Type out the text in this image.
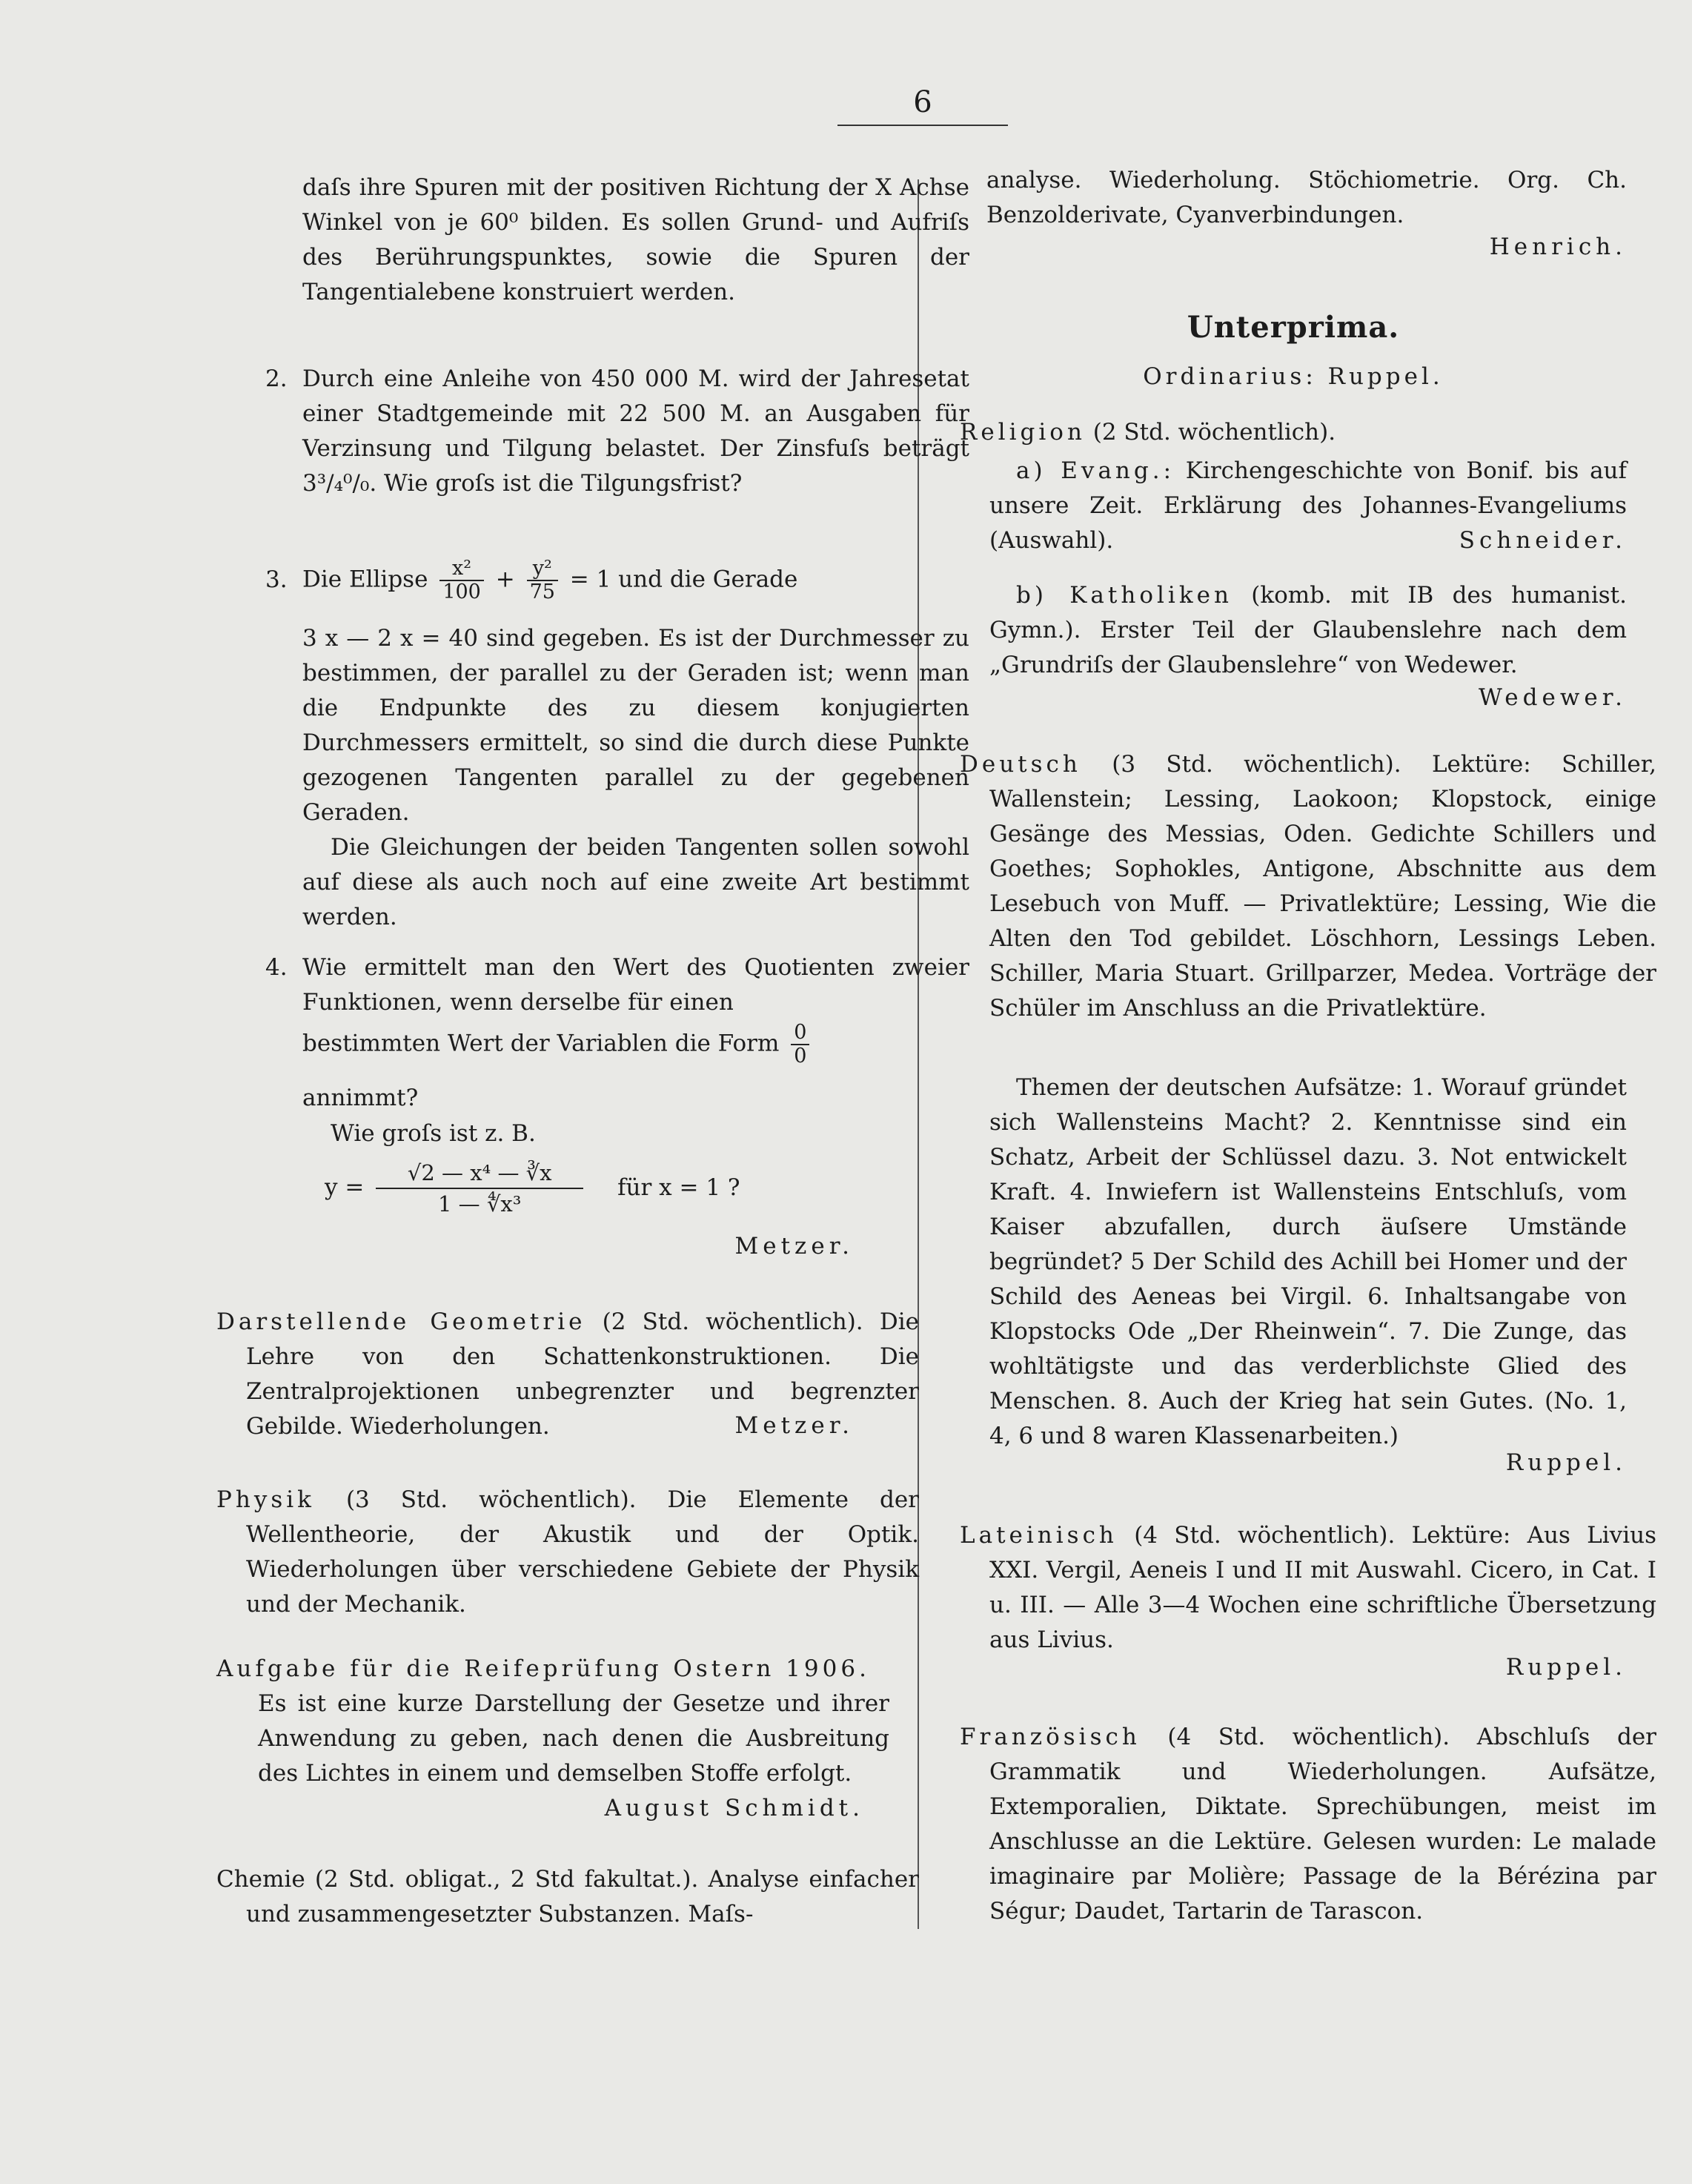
6

daſs ihre Spuren mit der positiven Richtung der X Achse Winkel von je 60⁰ bilden. Es sollen Grund- und Aufriſs des Berührungspunktes, sowie die Spuren der Tangentialebene konstruiert werden.

2. Durch eine Anleihe von 450 000 M. wird der Jahresetat einer Stadtgemeinde mit 22 500 M. an Ausgaben für Verzinsung und Tilgung belastet. Der Zinsfuſs beträgt 3³/₄⁰/₀. Wie groſs ist die Tilgungsfrist?

3. Die Ellipse $\frac{\text{x²}}{100} + \frac{\text{y²}}{75} = 1$ und die Gerade

3 x — 2 x = 40 sind gegeben. Es ist der Durchmesser zu bestimmen, der parallel zu der Geraden ist; wenn man die Endpunkte des zu diesem konjugierten Durchmessers ermittelt, so sind die durch diese Punkte gezogenen Tangenten parallel zu der gegebenen Geraden.

Die Gleichungen der beiden Tangenten sollen sowohl auf diese als auch noch auf eine zweite Art bestimmt werden.

4. Wie ermittelt man den Wert des Quotienten zweier Funktionen, wenn derselbe für einen

bestimmten Wert der Variablen die Form $\frac{0}{0}$

annimmt?

Wie groſs ist z. B.

$y = \frac{\text{√2 — x⁴ — ∛x}}{\text{1 — ∜x³}}$ für x = 1 ?

Metzer.

Darstellende Geometrie (2 Std. wöchentlich). Die Lehre von den Schattenkonstruktionen. Die Zentralprojektionen unbegrenzter und begrenzter Gebilde. Wiederholungen.	Metzer.

Physik (3 Std. wöchentlich). Die Elemente der Wellentheorie, der Akustik und der Optik. Wiederholungen über verschiedene Gebiete der Physik und der Mechanik.

Aufgabe für die Reifeprüfung Ostern 1906.

Es ist eine kurze Darstellung der Gesetze und ihrer Anwendung zu geben, nach denen die Ausbreitung des Lichtes in einem und demselben Stoffe erfolgt.

August Schmidt.

Chemie (2 Std. obligat., 2 Std fakultat.). Analyse einfacher und zusammengesetzter Substanzen. Maſs-

analyse. Wiederholung. Stöchiometrie. Org. Ch. Benzolderivate, Cyanverbindungen.

Henrich.

Unterprima.

Ordinarius: Ruppel.

Religion (2 Std. wöchentlich).

a) Evang.: Kirchengeschichte von Bonif. bis auf unsere Zeit. Erklärung des Johannes-Evangeliums (Auswahl).	Schneider.

b) Katholiken (komb. mit IB des humanist. Gymn.). Erster Teil der Glaubenslehre nach dem „Grundriſs der Glaubenslehre“ von Wedewer.

Wedewer.

Deutsch (3 Std. wöchentlich). Lektüre: Schiller, Wallenstein; Lessing, Laokoon; Klopstock, einige Gesänge des Messias, Oden. Gedichte Schillers und Goethes; Sophokles, Antigone, Abschnitte aus dem Lesebuch von Muff. — Privatlektüre; Lessing, Wie die Alten den Tod gebildet. Löschhorn, Lessings Leben. Schiller, Maria Stuart. Grillparzer, Medea. Vorträge der Schüler im Anschluss an die Privatlektüre.

Themen der deutschen Aufsätze: 1. Worauf gründet sich Wallensteins Macht? 2. Kenntnisse sind ein Schatz, Arbeit der Schlüssel dazu. 3. Not entwickelt Kraft. 4. Inwiefern ist Wallensteins Entschluſs, vom Kaiser abzufallen, durch äuſsere Umstände begründet? 5 Der Schild des Achill bei Homer und der Schild des Aeneas bei Virgil. 6. Inhaltsangabe von Klopstocks Ode „Der Rheinwein“. 7. Die Zunge, das wohltätigste und das verderblichste Glied des Menschen. 8. Auch der Krieg hat sein Gutes. (No. 1, 4, 6 und 8 waren Klassenarbeiten.)

Ruppel.

Lateinisch (4 Std. wöchentlich). Lektüre: Aus Livius XXI. Vergil, Aeneis I und II mit Auswahl. Cicero, in Cat. I u. III. — Alle 3—4 Wochen eine schriftliche Übersetzung aus Livius.

Ruppel.

Französisch (4 Std. wöchentlich). Abschluſs der Grammatik und Wiederholungen. Aufsätze, Extemporalien, Diktate. Sprechübungen, meist im Anschlusse an die Lektüre. Gelesen wurden: Le malade imaginaire par Molière; Passage de la Bérézina par Ségur; Daudet, Tartarin de Tarascon.
